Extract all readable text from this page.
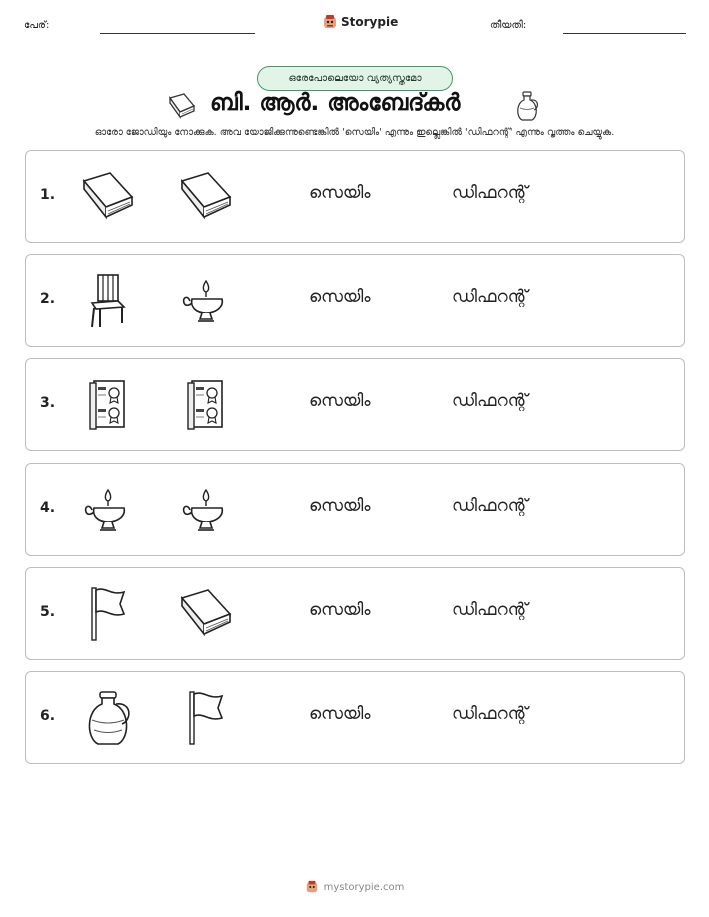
പേര്:	Storypie	തീയതി:
ഒരേപോലെയോ വ്യത്യസ്തമോ
ബി. ആർ. അംബേദ്കർ
ഓരോ ജോഡിയും നോക്കുക. അവ യോജിക്കുന്നുണ്ടെങ്കിൽ 'സെയിം' എന്നും ഇല്ലെങ്കിൽ 'ഡിഫറന്റ്' എന്നും വൃത്തം ചെയ്യുക.
1.	സെയിം	ഡിഫറന്റ്
2.	സെയിം	ഡിഫറന്റ്
3.	സെയിം	ഡിഫറന്റ്
4.	സെയിം	ഡിഫറന്റ്
5.	സെയിം	ഡിഫറന്റ്
6.	സെയിം	ഡിഫറന്റ്
mystorypie.com
